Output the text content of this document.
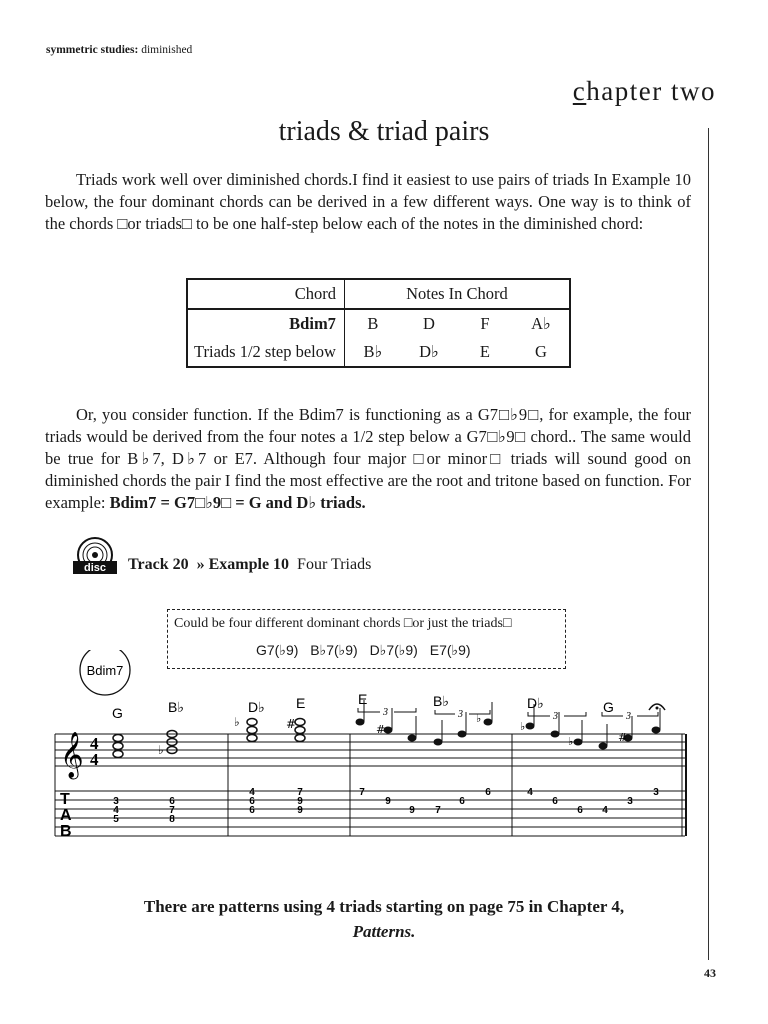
symmetric studies: diminished
chapter two
triads & triad pairs

Triads work well over diminished chords.I find it easiest to use pairs of triads In Example 10 below, the four dominant chords can be derived in a few different ways. One way is to think of the chords □or triads□ to be one half-step below each of the notes in the diminished chord:

Chord	Notes In Chord			
Bdim7	B	D	F	A♭
Triads 1/2 step below	B♭	D♭	E	G

Or, you consider function. If the Bdim7 is functioning as a G7□♭9□, for example, the four triads would be derived from the four notes a 1/2 step below a G7□♭9□ chord.. The same would be true for B♭7, D♭7 or E7. Although four major □or minor□ triads will sound good on diminished chords the pair I find the most effective are the root and tritone based on function. For example: Bdim7 = G7□♭9□ = G and D♭ triads.

disc Track 20 » Example 10 Four Triads
Could be four different dominant chords □or just the triads□
G7(♭9) B♭7(♭9) D♭7(♭9) E7(♭9)
Bdim7
G	B♭	D♭ E	E	B♭	D♭	G
3	3	3	3
𝄞 4
4	♭
♭	#	#
♭
♭
♭	#
T
A
B
3
4
5
6
7
8
4
6
6
7
9
9
7
9
9 7
6
6	4
6
6 4
3
3
There are patterns using 4 triads starting on page 75 in Chapter 4,
Patterns.
43
